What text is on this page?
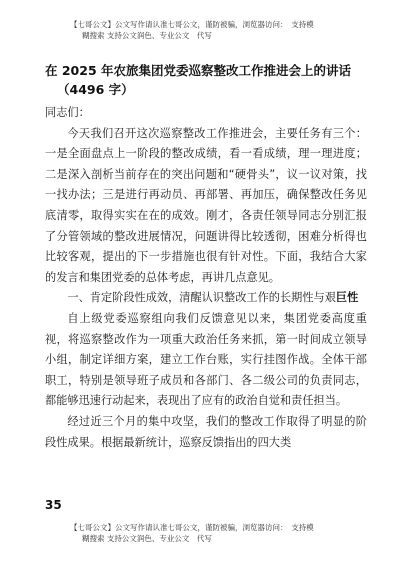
【七哥公文】公文写作请认准七哥公文，谨防被骗，浏览器访问：　支持模
糊搜索 支持公文润色、专业公文　代写
在 2025 年农旅集团党委巡察整改工作推进会上的讲话
（4496 字）

同志们：

今天我们召开这次巡察整改工作推进会，主要任务有三个：一是全面盘点上一阶段的整改成绩，看一看成绩，理一理进度；二是深入剖析当前存在的突出问题和“硬骨头”，议一议对策，找一找办法；三是进行再动员、再部署、再加压，确保整改任务见底清零，取得实实在在的成效。刚才，各责任领导同志分别汇报了分管领域的整改进展情况，问题讲得比较透彻，困难分析得也比较客观，提出的下一步措施也很有针对性。下面，我结合大家的发言和集团党委的总体考虑，再讲几点意见。

一、肯定阶段性成效，清醒认识整改工作的长期性与艰巨性

自上级党委巡察组向我们反馈意见以来，集团党委高度重视，将巡察整改作为一项重大政治任务来抓，第一时间成立领导小组，制定详细方案，建立工作台账，实行挂图作战。全体干部职工，特别是领导班子成员和各部门、各二级公司的负责同志，都能够迅速行动起来，表现出了应有的政治自觉和责任担当。

经过近三个月的集中攻坚，我们的整改工作取得了明显的阶段性成果。根据最新统计，巡察反馈指出的四大类

35
【七哥公文】公文写作请认准七哥公文，谨防被骗，浏览器访问：　支持模
糊搜索 支持公文润色、专业公文　代写
